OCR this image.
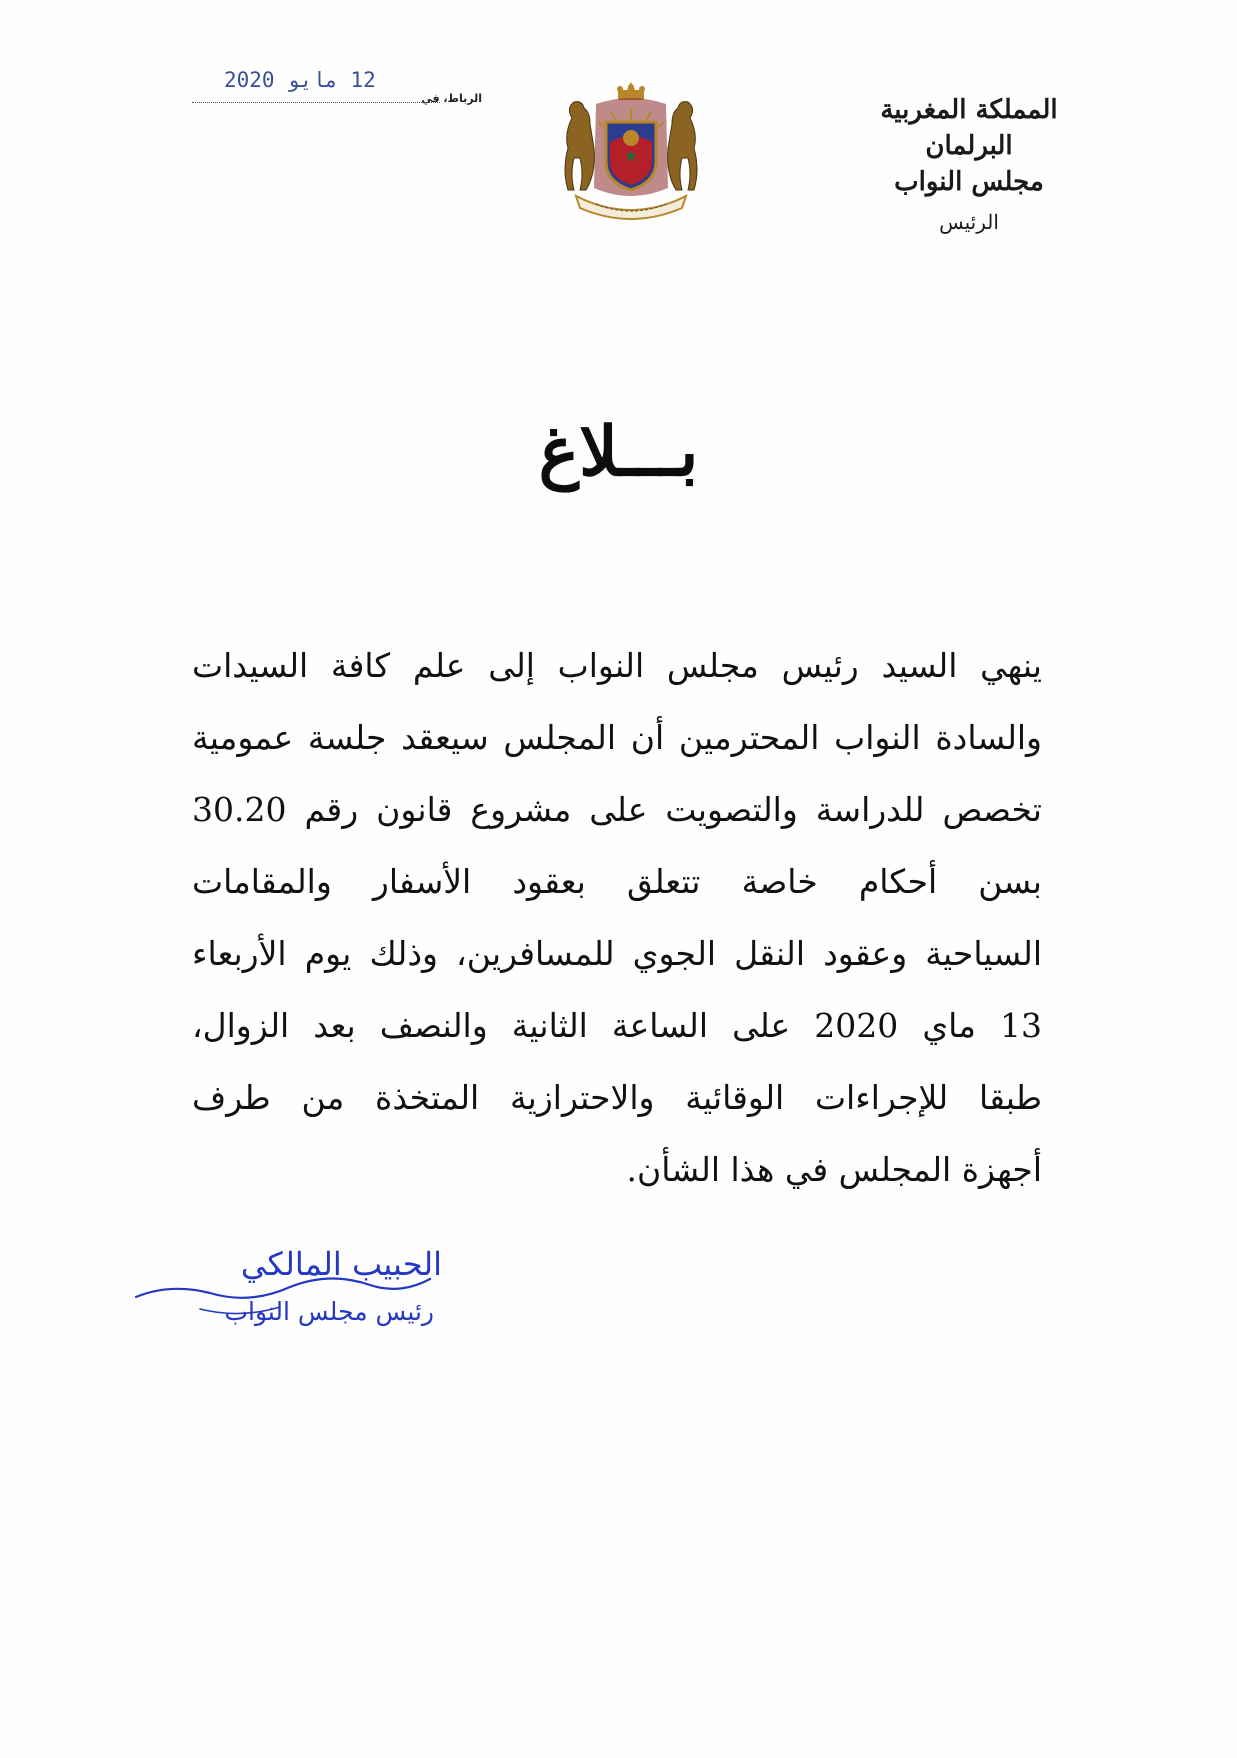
المملكة المغربية
البرلمان
مجلس النواب
الرئيس
الرباط، في
12 مايو 2020
بـــلاغ
ينهي السيد رئيس مجلس النواب إلى علم كافة السيدات
والسادة النواب المحترمين أن المجلس سيعقد جلسة عمومية
تخصص للدراسة والتصويت على مشروع قانون رقم 30.20
بسن أحكام خاصة تتعلق بعقود الأسفار والمقامات
السياحية وعقود النقل الجوي للمسافرين، وذلك يوم الأربعاء
13 ماي 2020 على الساعة الثانية والنصف بعد الزوال،
طبقا للإجراءات الوقائية والاحترازية المتخذة من طرف
أجهزة المجلس في هذا الشأن.
الحبيب المالكي
رئيس مجلس النواب
